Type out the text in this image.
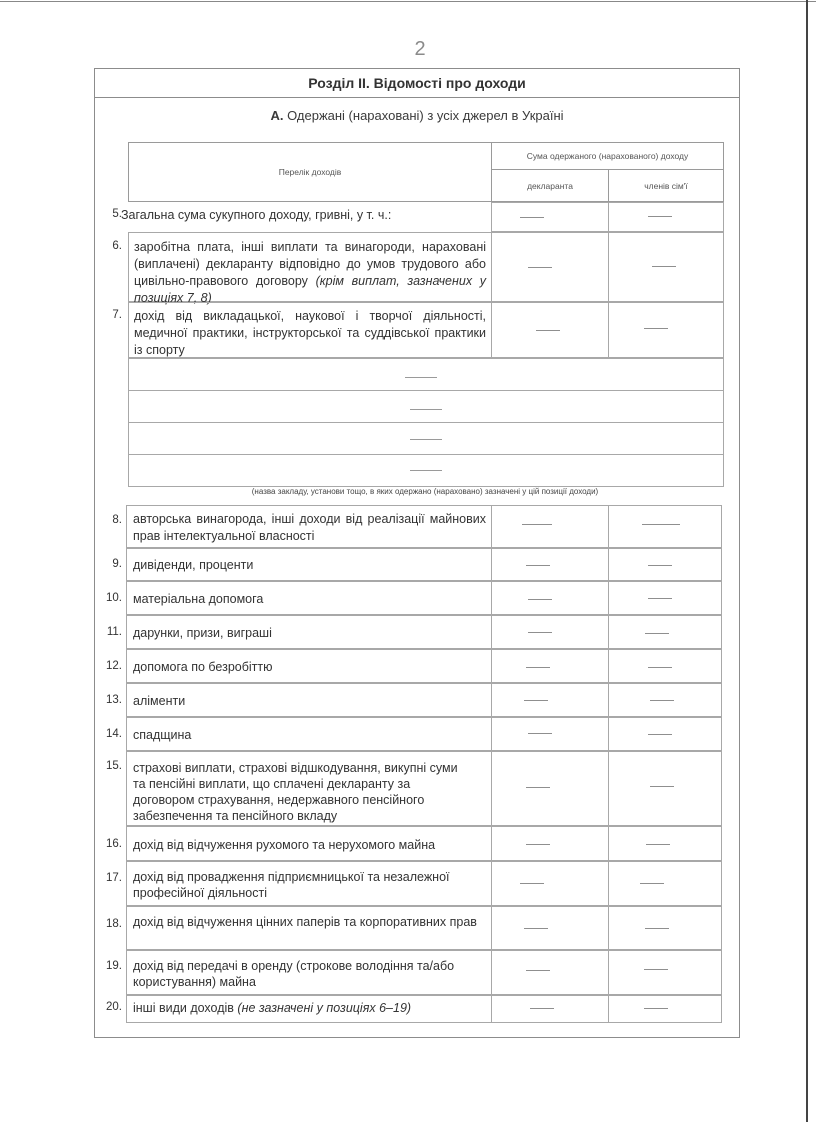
2
Розділ ІІ. Відомості про доходи
А. Одержані (нараховані) з усіх джерел в Україні
Перелік доходів
Сума одержаного (нарахованого) доходу
декларанта	членів сім'ї
5. Загальна сума сукупного доходу, гривні, у т. ч.:
6. заробітна плата, інші виплати та винагороди, нараховані (виплачені) декларанту відповідно до умов трудового або цивільно-правового договору (крім виплат, зазначених у позиціях 7, 8)
7. дохід від викладацької, наукової і творчої діяльності, медичної практики, інструкторської та суддівської практики із спорту
(назва закладу, установи тощо, в яких одержано (нараховано) зазначені у цій позиції доходи)
8. авторська винагорода, інші доходи від реалізації майнових прав інтелектуальної власності
9. дивіденди, проценти
10. матеріальна допомога
11. дарунки, призи, виграші
12. допомога по безробіттю
13. аліменти
14. спадщина
15. страхові виплати, страхові відшкодування, викупні суми та пенсійні виплати, що сплачені декларанту за договором страхування, недержавного пенсійного забезпечення та пенсійного вкладу
16. дохід від відчуження рухомого та нерухомого майна
17. дохід від провадження підприємницької та незалежної професійної діяльності
18. дохід від відчуження цінних паперів та корпоративних прав
19. дохід від передачі в оренду (строкове володіння та/або користування) майна
20. інші види доходів (не зазначені у позиціях 6–19)
